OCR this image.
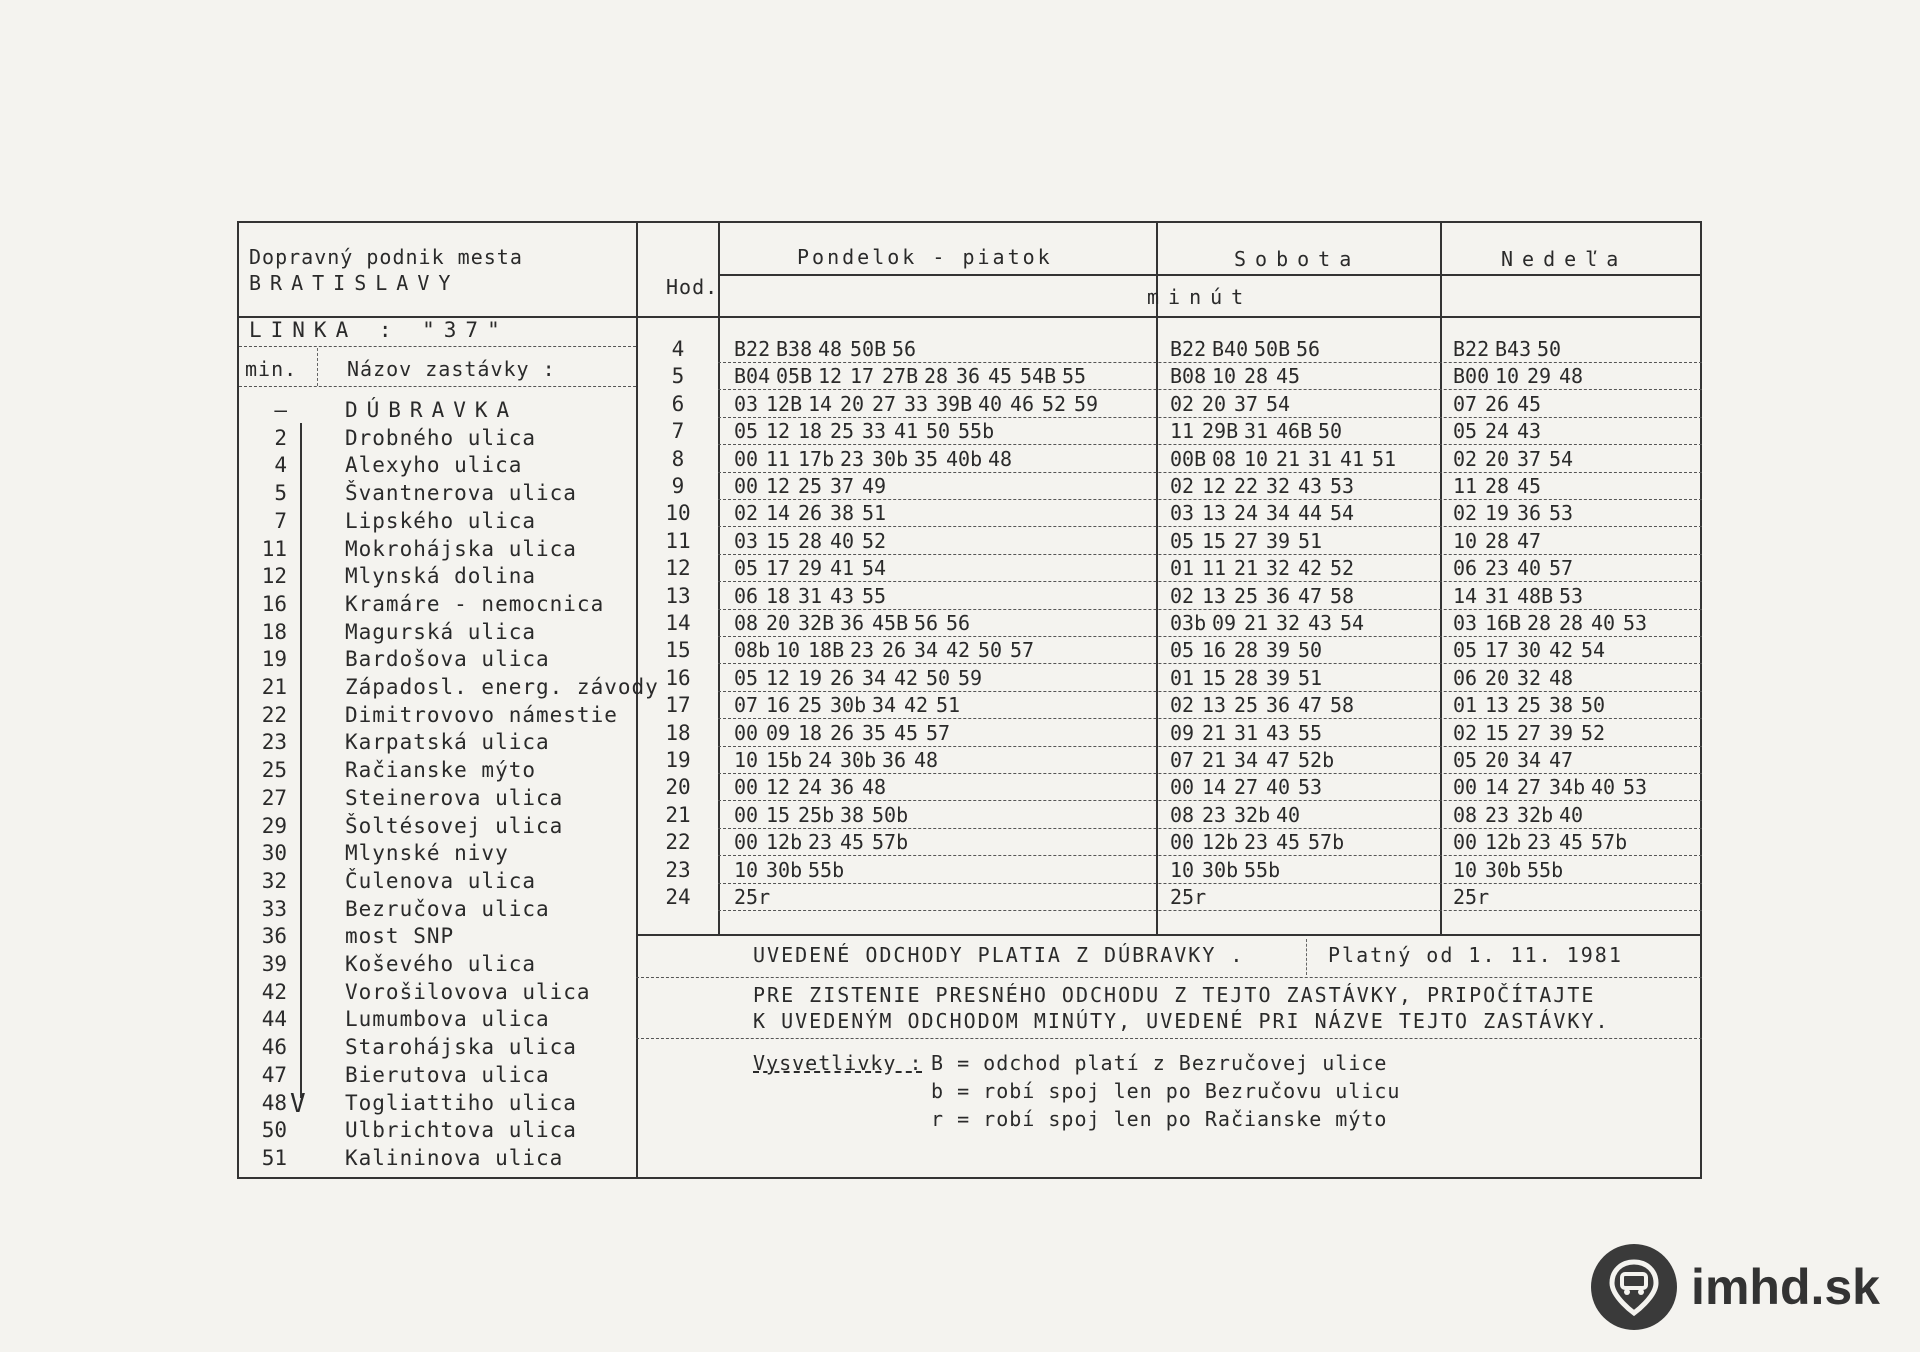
Dopravný podnik mesta
BRATISLAVY
LINKA : "37"
min. Názov zastávky :
Hod.
Pondelok - piatok	Sobota	Nedeľa
minút
V
—	DÚBRAVKA
2	Drobného ulica
4	Alexyho ulica
5	Švantnerova ulica
7	Lipského ulica
11	Mokrohájska ulica
12	Mlynská dolina
16	Kramáre - nemocnica
18	Magurská ulica
19	Bardošova ulica
21	Západosl. energ. závody
22	Dimitrovovo námestie
23	Karpatská ulica
25	Račianske mýto
27	Steinerova ulica
29	Šoltésovej ulica
30	Mlynské nivy
32	Čulenova ulica
33	Bezručova ulica
36	most SNP
39	Koševého ulica
42	Vorošilovova ulica
44	Lumumbova ulica
46	Starohájska ulica
47	Bierutova ulica
48	Togliattiho ulica
50	Ulbrichtova ulica
51	Kalininova ulica
4	B22 B38 48 50B 56	B22 B40 50B 56	B22 B43 50
5	B04 05B 12 17 27B 28 36 45 54B 55	B08 10 28 45	B00 10 29 48
6	03 12B 14 20 27 33 39B 40 46 52 59	02 20 37 54	07 26 45
7	05 12 18 25 33 41 50 55b	11 29B 31 46B 50	05 24 43
8	00 11 17b 23 30b 35 40b 48	00B 08 10 21 31 41 51	02 20 37 54
9	00 12 25 37 49	02 12 22 32 43 53	11 28 45
10	02 14 26 38 51	03 13 24 34 44 54	02 19 36 53
11	03 15 28 40 52	05 15 27 39 51	10 28 47
12	05 17 29 41 54	01 11 21 32 42 52	06 23 40 57
13	06 18 31 43 55	02 13 25 36 47 58	14 31 48B 53
14	08 20 32B 36 45B 56 56	03b 09 21 32 43 54	03 16B 28 28 40 53
15	08b 10 18B 23 26 34 42 50 57	05 16 28 39 50	05 17 30 42 54
16	05 12 19 26 34 42 50 59	01 15 28 39 51	06 20 32 48
17	07 16 25 30b 34 42 51	02 13 25 36 47 58	01 13 25 38 50
18	00 09 18 26 35 45 57	09 21 31 43 55	02 15 27 39 52
19	10 15b 24 30b 36 48	07 21 34 47 52b	05 20 34 47
20	00 12 24 36 48	00 14 27 40 53	00 14 27 34b 40 53
21	00 15 25b 38 50b	08 23 32b 40	08 23 32b 40
22	00 12b 23 45 57b	00 12b 23 45 57b	00 12b 23 45 57b
23	10 30b 55b	10 30b 55b	10 30b 55b
24	25r	25r	25r
UVEDENÉ ODCHODY PLATIA Z DÚBRAVKY .	Platný od 1. 11. 1981
PRE ZISTENIE PRESNÉHO ODCHODU Z TEJTO ZASTÁVKY, PRIPOČÍTAJTE
K UVEDENÝM ODCHODOM MINÚTY, UVEDENÉ PRI NÁZVE TEJTO ZASTÁVKY.
Vysvetlivky : B = odchod platí z Bezručovej ulice
b = robí spoj len po Bezručovu ulicu
r = robí spoj len po Račianske mýto
imhd.sk
